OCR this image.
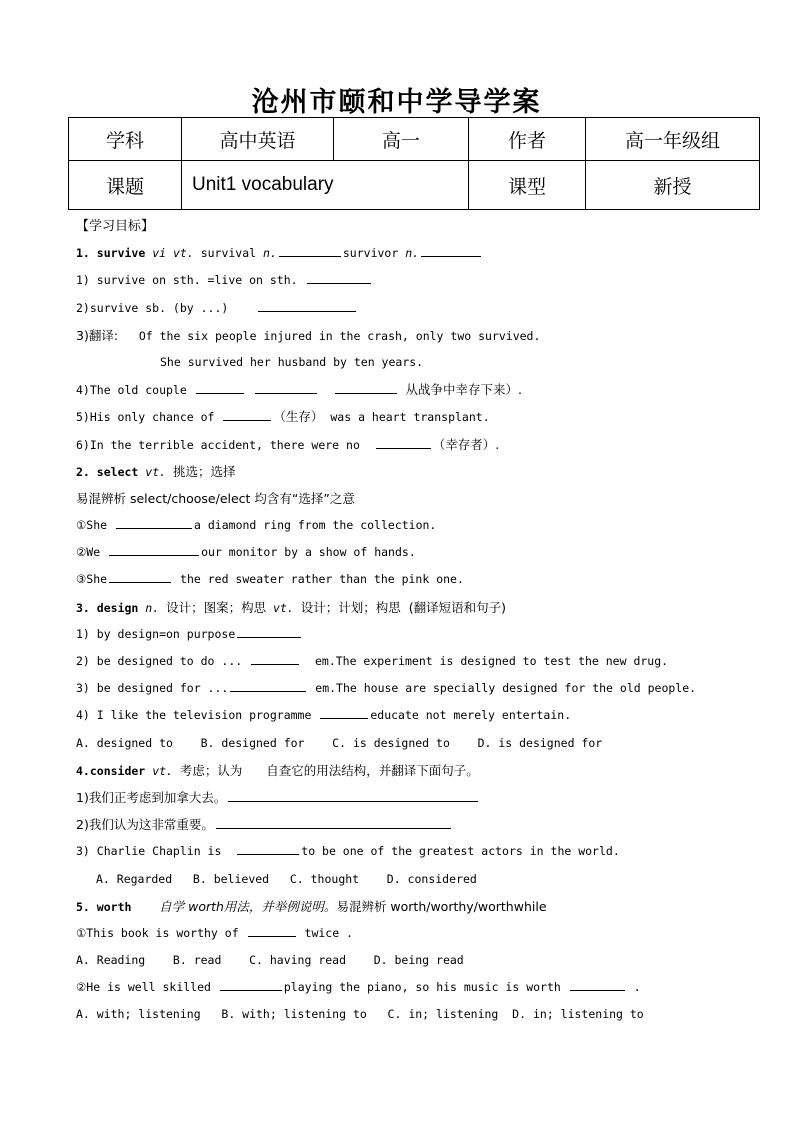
沧州市颐和中学导学案
学科	高中英语	高一	作者	高一年级组
课题	Unit1 vocabulary		课型	新授
【学习目标】
1. survive vi vt. survival n.	survivor n.
1) survive on sth. =live on sth.
2)survive sb. (by ...)
3)翻译: Of the six people injured in the crash, only two survived.
She survived her husband by ten years.
4)The old couple	从战争中幸存下来）.
5)His only chance of	（生存） was a heart transplant.
6)In the terrible accident, there were no	（幸存者）.
2. select vt. 挑选；选择
易混辨析 select/choose/elect 均含有“选择”之意
①She	a diamond ring from the collection.
②We	our monitor by a show of hands.
③She	the red sweater rather than the pink one.
3. design n. 设计；图案；构思 vt. 设计；计划；构思  (翻译短语和句子)
1) by design=on purpose
2) be designed to do ...	em.The experiment is designed to test the new drug.
3) be designed for ...	em.The house are specially designed for the old people.
4) I like the television programme	educate not merely entertain.
A. designed to    B. designed for    C. is designed to    D. is designed for
4.consider vt. 考虑；认为      自查它的用法结构，并翻译下面句子。
1)我们正考虑到加拿大去。
2)我们认为这非常重要。
3) Charlie Chaplin is	to be one of the greatest actors in the world.
A. Regarded   B. believed   C. thought    D. considered
5. worth 自学 worth用法，并举例说明。易混辨析 worth/worthy/worthwhile
①This book is worthy of	twice .
A. Reading    B. read    C. having read    D. being read
②He is well skilled	playing the piano, so his music is worth	.
A. with; listening   B. with; listening to   C. in; listening  D. in; listening to
